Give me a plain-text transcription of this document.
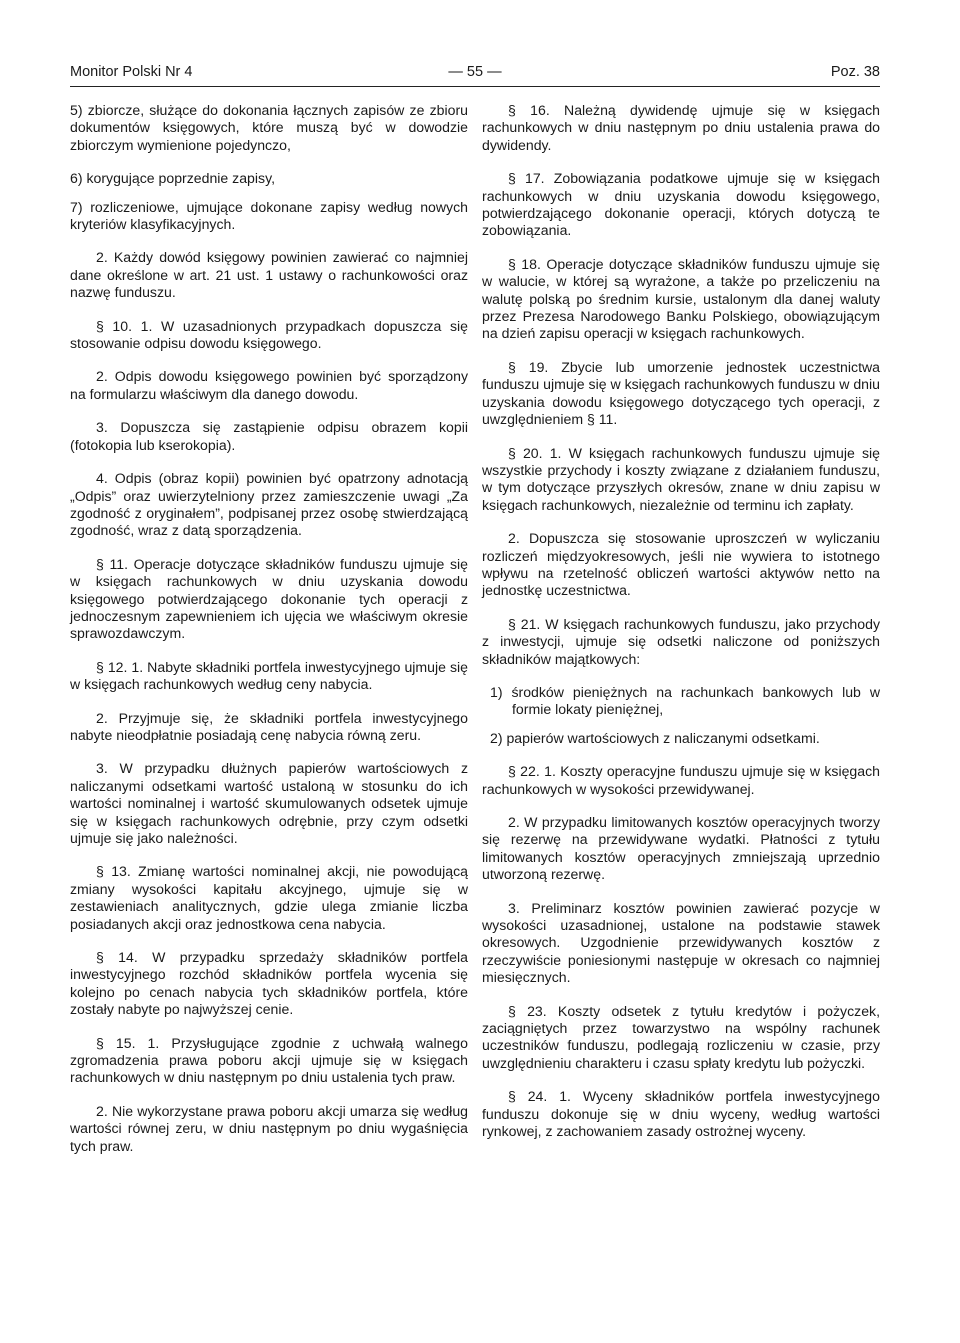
Monitor Polski Nr 4	— 55 —	Poz. 38

5) zbiorcze, służące do dokonania łącznych zapisów ze zbioru dokumentów księgowych, które muszą być w dowodzie zbiorczym wymienione pojedynczo,

6) korygujące poprzednie zapisy,

7) rozliczeniowe, ujmujące dokonane zapisy według nowych kryteriów klasyfikacyjnych.

2. Każdy dowód księgowy powinien zawierać co najmniej dane określone w art. 21 ust. 1 ustawy o rachunkowości oraz nazwę funduszu.

§ 10. 1. W uzasadnionych przypadkach dopuszcza się stosowanie odpisu dowodu księgowego.

2. Odpis dowodu księgowego powinien być sporządzony na formularzu właściwym dla danego dowodu.

3. Dopuszcza się zastąpienie odpisu obrazem kopii (fotokopia lub kserokopia).

4. Odpis (obraz kopii) powinien być opatrzony adnotacją „Odpis” oraz uwierzytelniony przez zamieszczenie uwagi „Za zgodność z oryginałem”, podpisanej przez osobę stwierdzającą zgodność, wraz z datą sporządzenia.

§ 11. Operacje dotyczące składników funduszu ujmuje się w księgach rachunkowych w dniu uzyskania dowodu księgowego potwierdzającego dokonanie tych operacji z jednoczesnym zapewnieniem ich ujęcia we właściwym okresie sprawozdawczym.

§ 12. 1. Nabyte składniki portfela inwestycyjnego ujmuje się w księgach rachunkowych według ceny nabycia.

2. Przyjmuje się, że składniki portfela inwestycyjnego nabyte nieodpłatnie posiadają cenę nabycia równą zeru.

3. W przypadku dłużnych papierów wartościowych z naliczanymi odsetkami wartość ustaloną w stosunku do ich wartości nominalnej i wartość skumulowanych odsetek ujmuje się w księgach rachunkowych odrębnie, przy czym odsetki ujmuje się jako należności.

§ 13. Zmianę wartości nominalnej akcji, nie powodującą zmiany wysokości kapitału akcyjnego, ujmuje się w zestawieniach analitycznych, gdzie ulega zmianie liczba posiadanych akcji oraz jednostkowa cena nabycia.

§ 14. W przypadku sprzedaży składników portfela inwestycyjnego rozchód składników portfela wycenia się kolejno po cenach nabycia tych składników portfela, które zostały nabyte po najwyższej cenie.

§ 15. 1. Przysługujące zgodnie z uchwałą walnego zgromadzenia prawa poboru akcji ujmuje się w księgach rachunkowych w dniu następnym po dniu ustalenia tych praw.

2. Nie wykorzystane prawa poboru akcji umarza się według wartości równej zeru, w dniu następnym po dniu wygaśnięcia tych praw.

§ 16. Należną dywidendę ujmuje się w księgach rachunkowych w dniu następnym po dniu ustalenia prawa do dywidendy.

§ 17. Zobowiązania podatkowe ujmuje się w księgach rachunkowych w dniu uzyskania dowodu księgowego, potwierdzającego dokonanie operacji, których dotyczą te zobowiązania.

§ 18. Operacje dotyczące składników funduszu ujmuje się w walucie, w której są wyrażone, a także po przeliczeniu na walutę polską po średnim kursie, ustalonym dla danej waluty przez Prezesa Narodowego Banku Polskiego, obowiązującym na dzień zapisu operacji w księgach rachunkowych.

§ 19. Zbycie lub umorzenie jednostek uczestnictwa funduszu ujmuje się w księgach rachunkowych funduszu w dniu uzyskania dowodu księgowego dotyczącego tych operacji, z uwzględnieniem § 11.

§ 20. 1. W księgach rachunkowych funduszu ujmuje się wszystkie przychody i koszty związane z działaniem funduszu, w tym dotyczące przyszłych okresów, znane w dniu zapisu w księgach rachunkowych, niezależnie od terminu ich zapłaty.

2. Dopuszcza się stosowanie uproszczeń w wyliczaniu rozliczeń międzyokresowych, jeśli nie wywiera to istotnego wpływu na rzetelność obliczeń wartości aktywów netto na jednostkę uczestnictwa.

§ 21. W księgach rachunkowych funduszu, jako przychody z inwestycji, ujmuje się odsetki naliczone od poniższych składników majątkowych:

1) środków pieniężnych na rachunkach bankowych lub w formie lokaty pieniężnej,

2) papierów wartościowych z naliczanymi odsetkami.

§ 22. 1. Koszty operacyjne funduszu ujmuje się w księgach rachunkowych w wysokości przewidywanej.

2. W przypadku limitowanych kosztów operacyjnych tworzy się rezerwę na przewidywane wydatki. Płatności z tytułu limitowanych kosztów operacyjnych zmniejszają uprzednio utworzoną rezerwę.

3. Preliminarz kosztów powinien zawierać pozycje w wysokości uzasadnionej, ustalone na podstawie stawek okresowych. Uzgodnienie przewidywanych kosztów z rzeczywiście poniesionymi następuje w okresach co najmniej miesięcznych.

§ 23. Koszty odsetek z tytułu kredytów i pożyczek, zaciągniętych przez towarzystwo na wspólny rachunek uczestników funduszu, podlegają rozliczeniu w czasie, przy uwzględnieniu charakteru i czasu spłaty kredytu lub pożyczki.

§ 24. 1. Wyceny składników portfela inwestycyjnego funduszu dokonuje się w dniu wyceny, według wartości rynkowej, z zachowaniem zasady ostrożnej wyceny.
